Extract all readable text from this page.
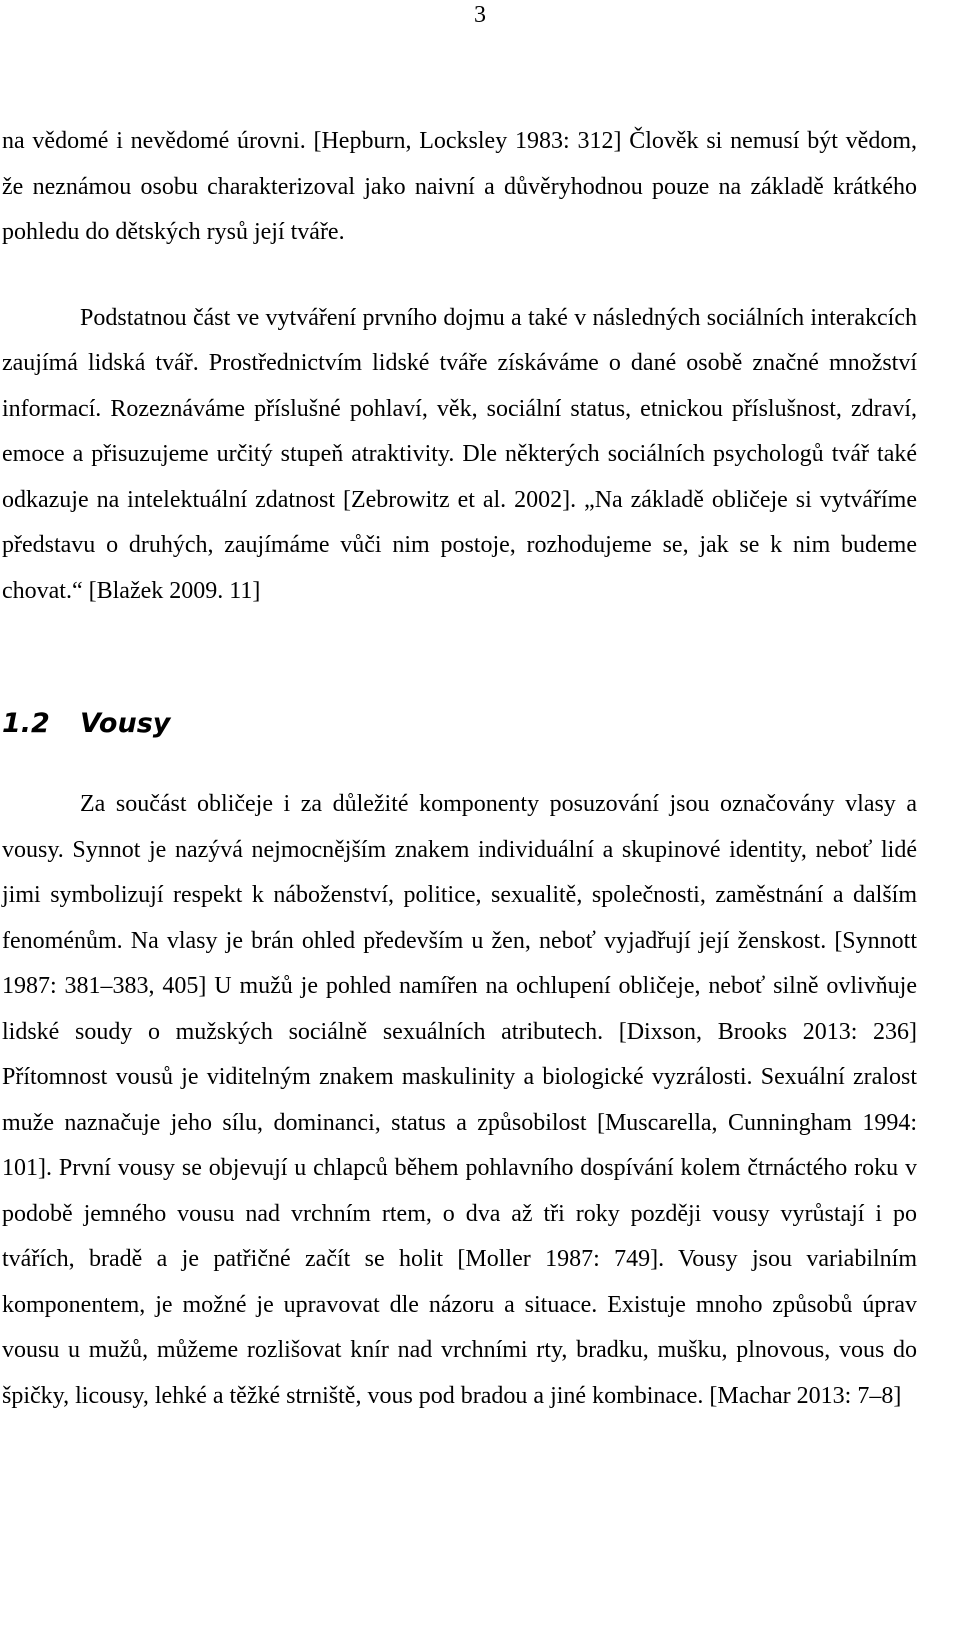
3

na vědomé i nevědomé úrovni. [Hepburn, Locksley 1983: 312] Člověk si nemusí být vědom, že neznámou osobu charakterizoval jako naivní a důvěryhodnou pouze na základě krátkého pohledu do dětských rysů její tváře.

Podstatnou část ve vytváření prvního dojmu a také v následných sociálních interakcích zaujímá lidská tvář. Prostřednictvím lidské tváře získáváme o dané osobě značné množství informací. Rozeznáváme příslušné pohlaví, věk, sociální status, etnickou příslušnost, zdraví, emoce a přisuzujeme určitý stupeň atraktivity. Dle některých sociálních psychologů tvář také odkazuje na intelektuální zdatnost [Zebrowitz et al. 2002]. „Na základě obličeje si vytváříme představu o druhých, zaujímáme vůči nim postoje, rozhodujeme se, jak se k nim budeme chovat.“ [Blažek 2009. 11]

1.2 Vousy

Za součást obličeje i za důležité komponenty posuzování jsou označovány vlasy a vousy. Synnot je nazývá nejmocnějším znakem individuální a skupinové identity, neboť lidé jimi symbolizují respekt k náboženství, politice, sexualitě, společnosti, zaměstnání a dalším fenoménům. Na vlasy je brán ohled především u žen, neboť vyjadřují její ženskost. [Synnott 1987: 381–383, 405] U mužů je pohled namířen na ochlupení obličeje, neboť silně ovlivňuje lidské soudy o mužských sociálně sexuálních atributech. [Dixson, Brooks 2013: 236] Přítomnost vousů je viditelným znakem maskulinity a biologické vyzrálosti. Sexuální zralost muže naznačuje jeho sílu, dominanci, status a způsobilost [Muscarella, Cunningham 1994: 101]. První vousy se objevují u chlapců během pohlavního dospívání kolem čtrnáctého roku v podobě jemného vousu nad vrchním rtem, o dva až tři roky později vousy vyrůstají i po tvářích, bradě a je patřičné začít se holit [Moller 1987: 749]. Vousy jsou variabilním komponentem, je možné je upravovat dle názoru a situace. Existuje mnoho způsobů úprav vousu u mužů, můžeme rozlišovat knír nad vrchními rty, bradku, mušku, plnovous, vous do špičky, licousy, lehké a těžké strniště, vous pod bradou a jiné kombinace. [Machar 2013: 7–8]
